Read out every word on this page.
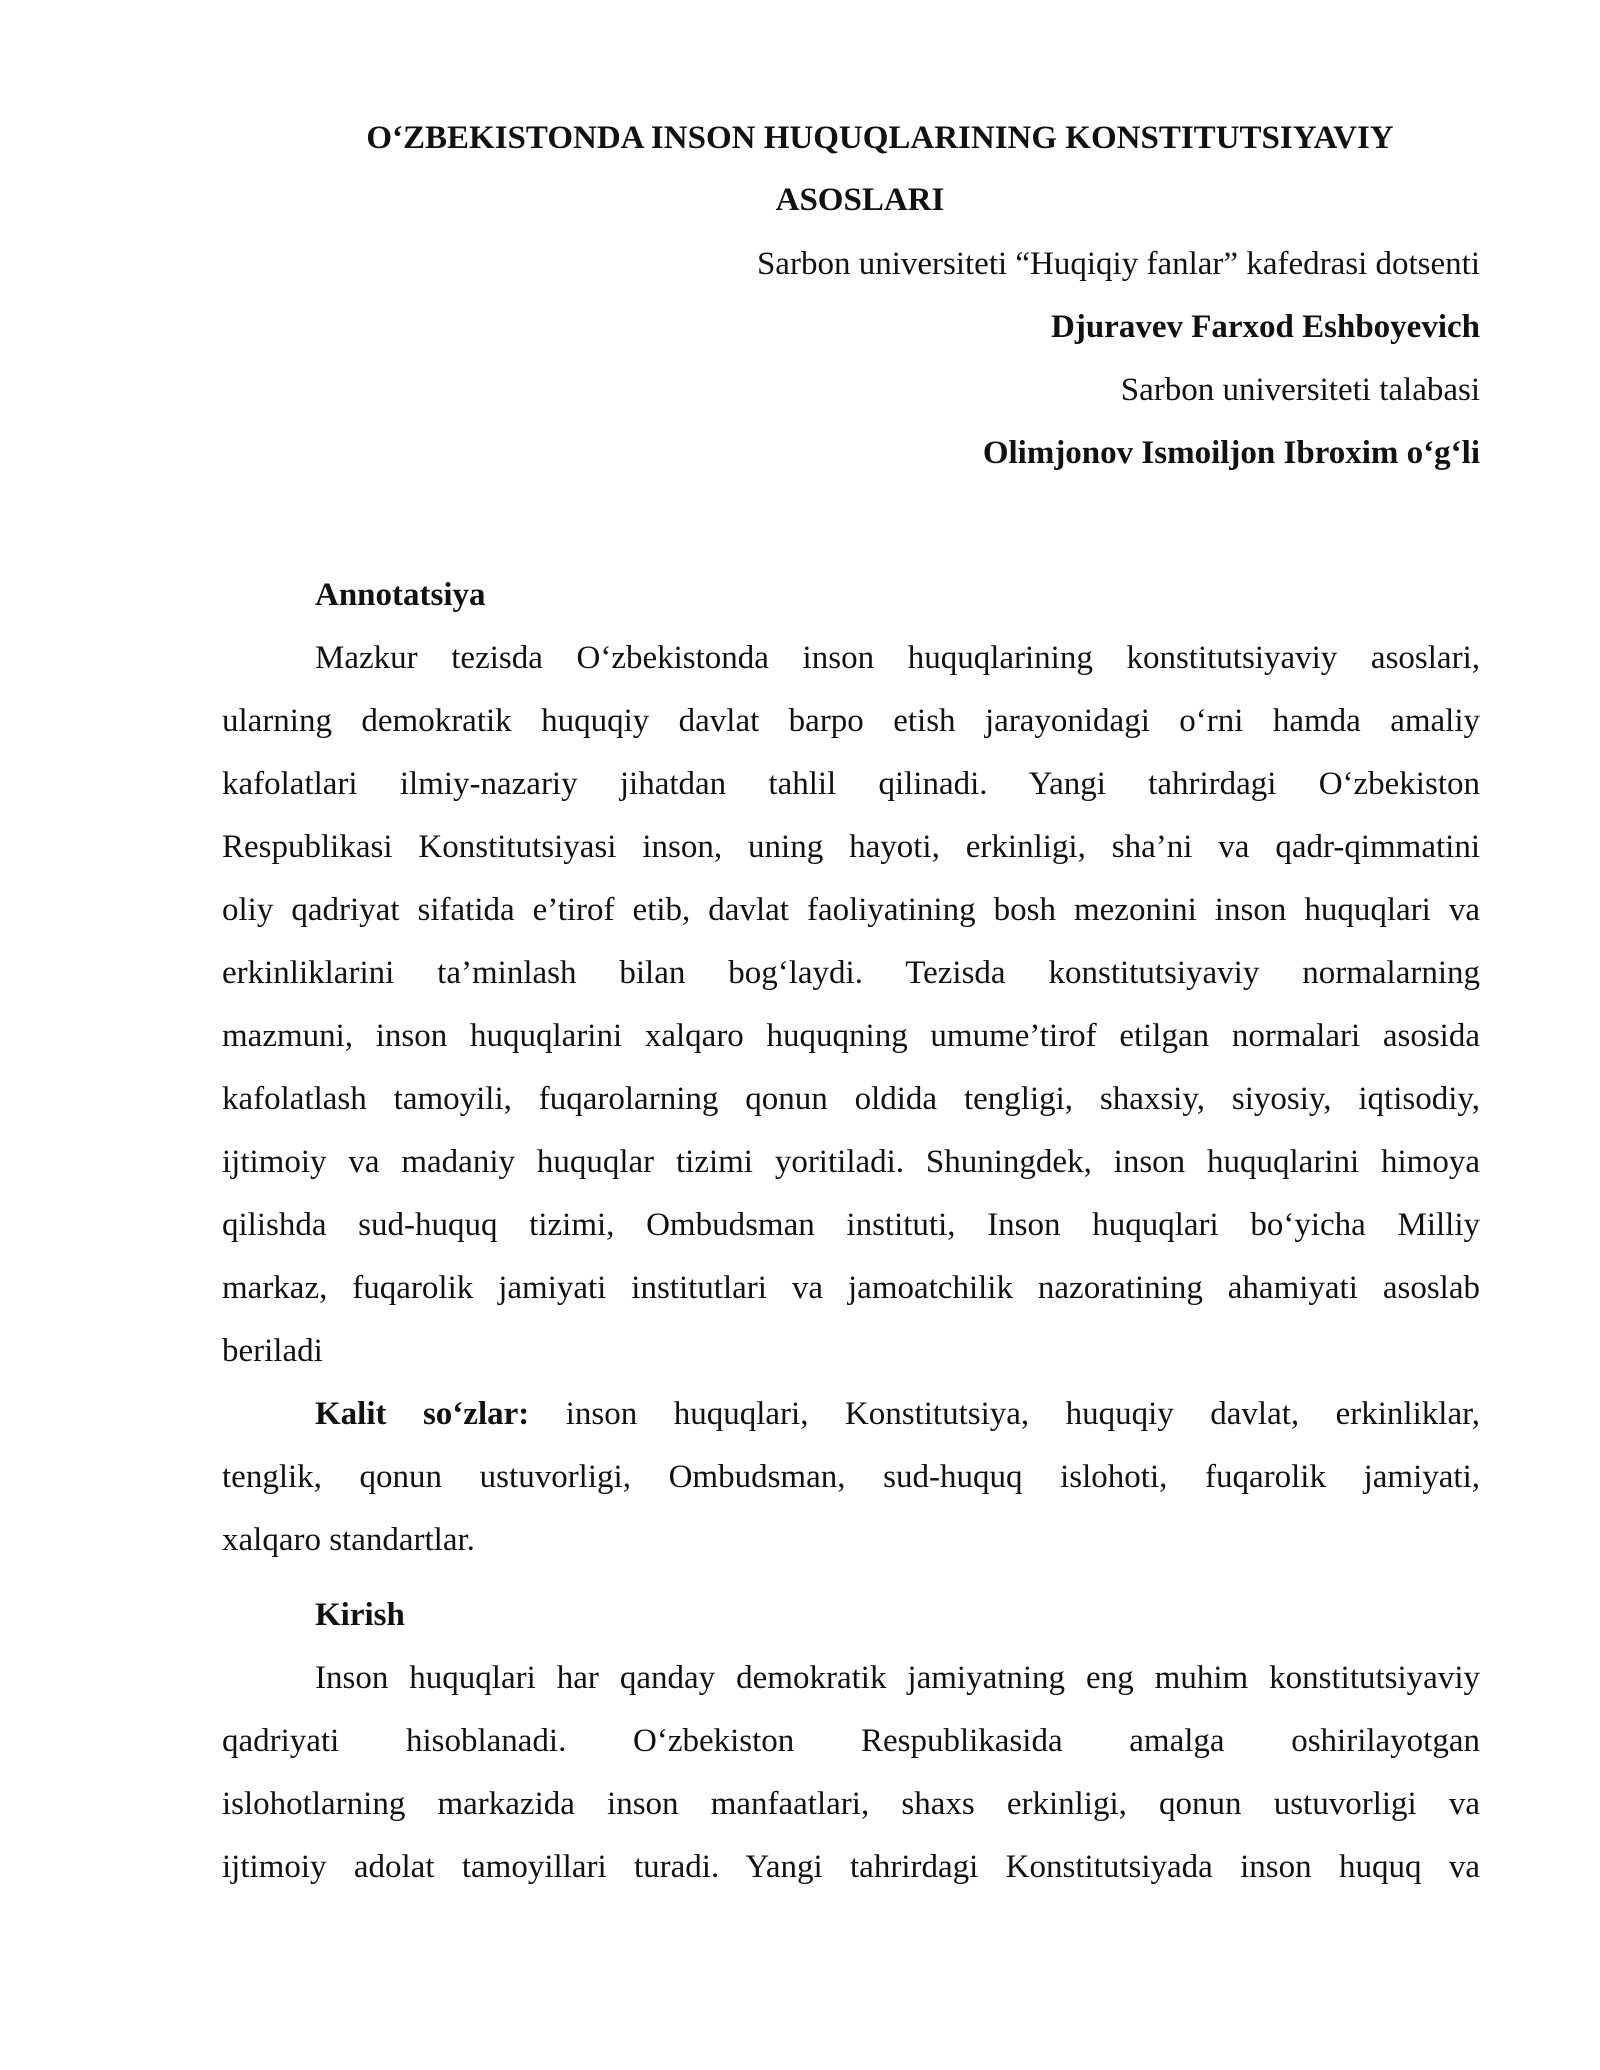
O‘ZBEKISTONDA INSON HUQUQLARINING KONSTITUTSIYAVIY
ASOSLARI
Sarbon universiteti “Huqiqiy fanlar” kafedrasi dotsenti
Djuravev Farxod Eshboyevich
Sarbon universiteti talabasi
Olimjonov Ismoiljon Ibroxim o‘g‘li
Annotatsiya
Mazkur tezisda O‘zbekistonda inson huquqlarining konstitutsiyaviy asoslari,
ularning demokratik huquqiy davlat barpo etish jarayonidagi o‘rni hamda amaliy
kafolatlari ilmiy-nazariy jihatdan tahlil qilinadi. Yangi tahrirdagi O‘zbekiston
Respublikasi Konstitutsiyasi inson, uning hayoti, erkinligi, sha’ni va qadr-qimmatini
oliy qadriyat sifatida e’tirof etib, davlat faoliyatining bosh mezonini inson huquqlari va
erkinliklarini ta’minlash bilan bog‘laydi. Tezisda konstitutsiyaviy normalarning
mazmuni, inson huquqlarini xalqaro huquqning umume’tirof etilgan normalari asosida
kafolatlash tamoyili, fuqarolarning qonun oldida tengligi, shaxsiy, siyosiy, iqtisodiy,
ijtimoiy va madaniy huquqlar tizimi yoritiladi. Shuningdek, inson huquqlarini himoya
qilishda sud-huquq tizimi, Ombudsman instituti, Inson huquqlari bo‘yicha Milliy
markaz, fuqarolik jamiyati institutlari va jamoatchilik nazoratining ahamiyati asoslab
beriladi
Kalit so‘zlar: inson huquqlari, Konstitutsiya, huquqiy davlat, erkinliklar,
tenglik, qonun ustuvorligi, Ombudsman, sud-huquq islohoti, fuqarolik jamiyati,
xalqaro standartlar.
Kirish
Inson huquqlari har qanday demokratik jamiyatning eng muhim konstitutsiyaviy
qadriyati hisoblanadi. O‘zbekiston Respublikasida amalga oshirilayotgan
islohotlarning markazida inson manfaatlari, shaxs erkinligi, qonun ustuvorligi va
ijtimoiy adolat tamoyillari turadi. Yangi tahrirdagi Konstitutsiyada inson huquq va
